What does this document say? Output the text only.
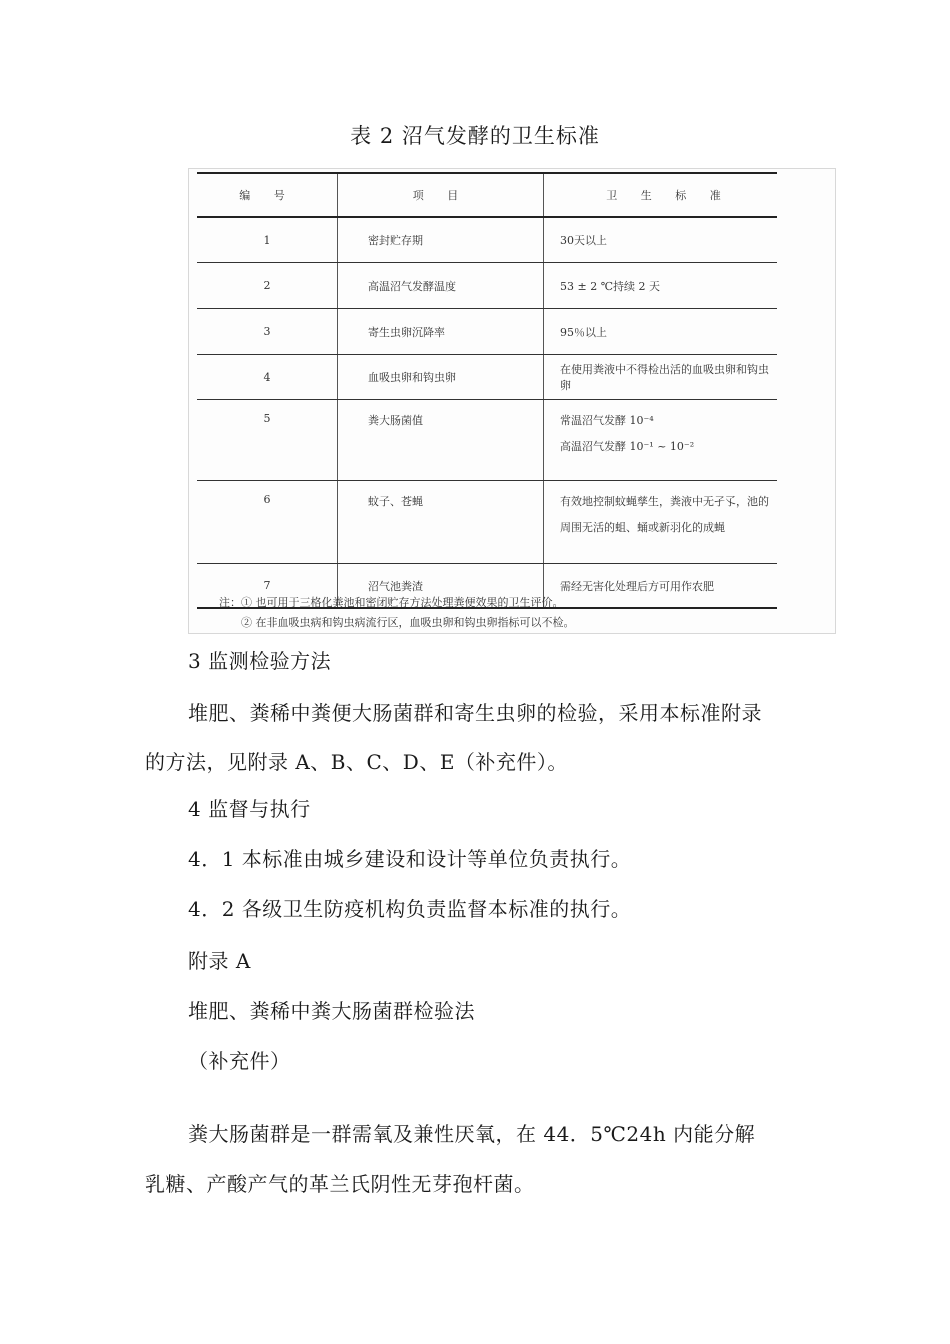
表 2 沼气发酵的卫生标准
编 号	项 目	卫 生 标 准
1	密封贮存期	30天以上
2	高温沼气发酵温度	53 ± 2 ℃持续 2 天
3	寄生虫卵沉降率	95％以上
4	血吸虫卵和钩虫卵	在使用粪液中不得检出活的血吸虫卵和钩虫卵
5	粪大肠菌值	常温沼气发酵 10⁻⁴
高温沼气发酵 10⁻¹ ~ 10⁻²

6	蚊子、苍蝇	有效地控制蚊蝇孳生，粪液中无孑孓，池的
周围无活的蛆、蛹或新羽化的成蝇

7	沼气池粪渣	需经无害化处理后方可用作农肥
注：① 也可用于三格化粪池和密闭贮存方法处理粪便效果的卫生评价。
② 在非血吸虫病和钩虫病流行区，血吸虫卵和钩虫卵指标可以不检。
3 监测检验方法
堆肥、粪稀中粪便大肠菌群和寄生虫卵的检验，采用本标准附录
的方法，见附录 A、B、C、D、E（补充件）。
4 监督与执行
4．1 本标准由城乡建设和设计等单位负责执行。
4．2 各级卫生防疫机构负责监督本标准的执行。
附录 A
堆肥、粪稀中粪大肠菌群检验法
（补充件）
粪大肠菌群是一群需氧及兼性厌氧，在 44．5℃24h 内能分解
乳糖、产酸产气的革兰氏阴性无芽孢杆菌。
